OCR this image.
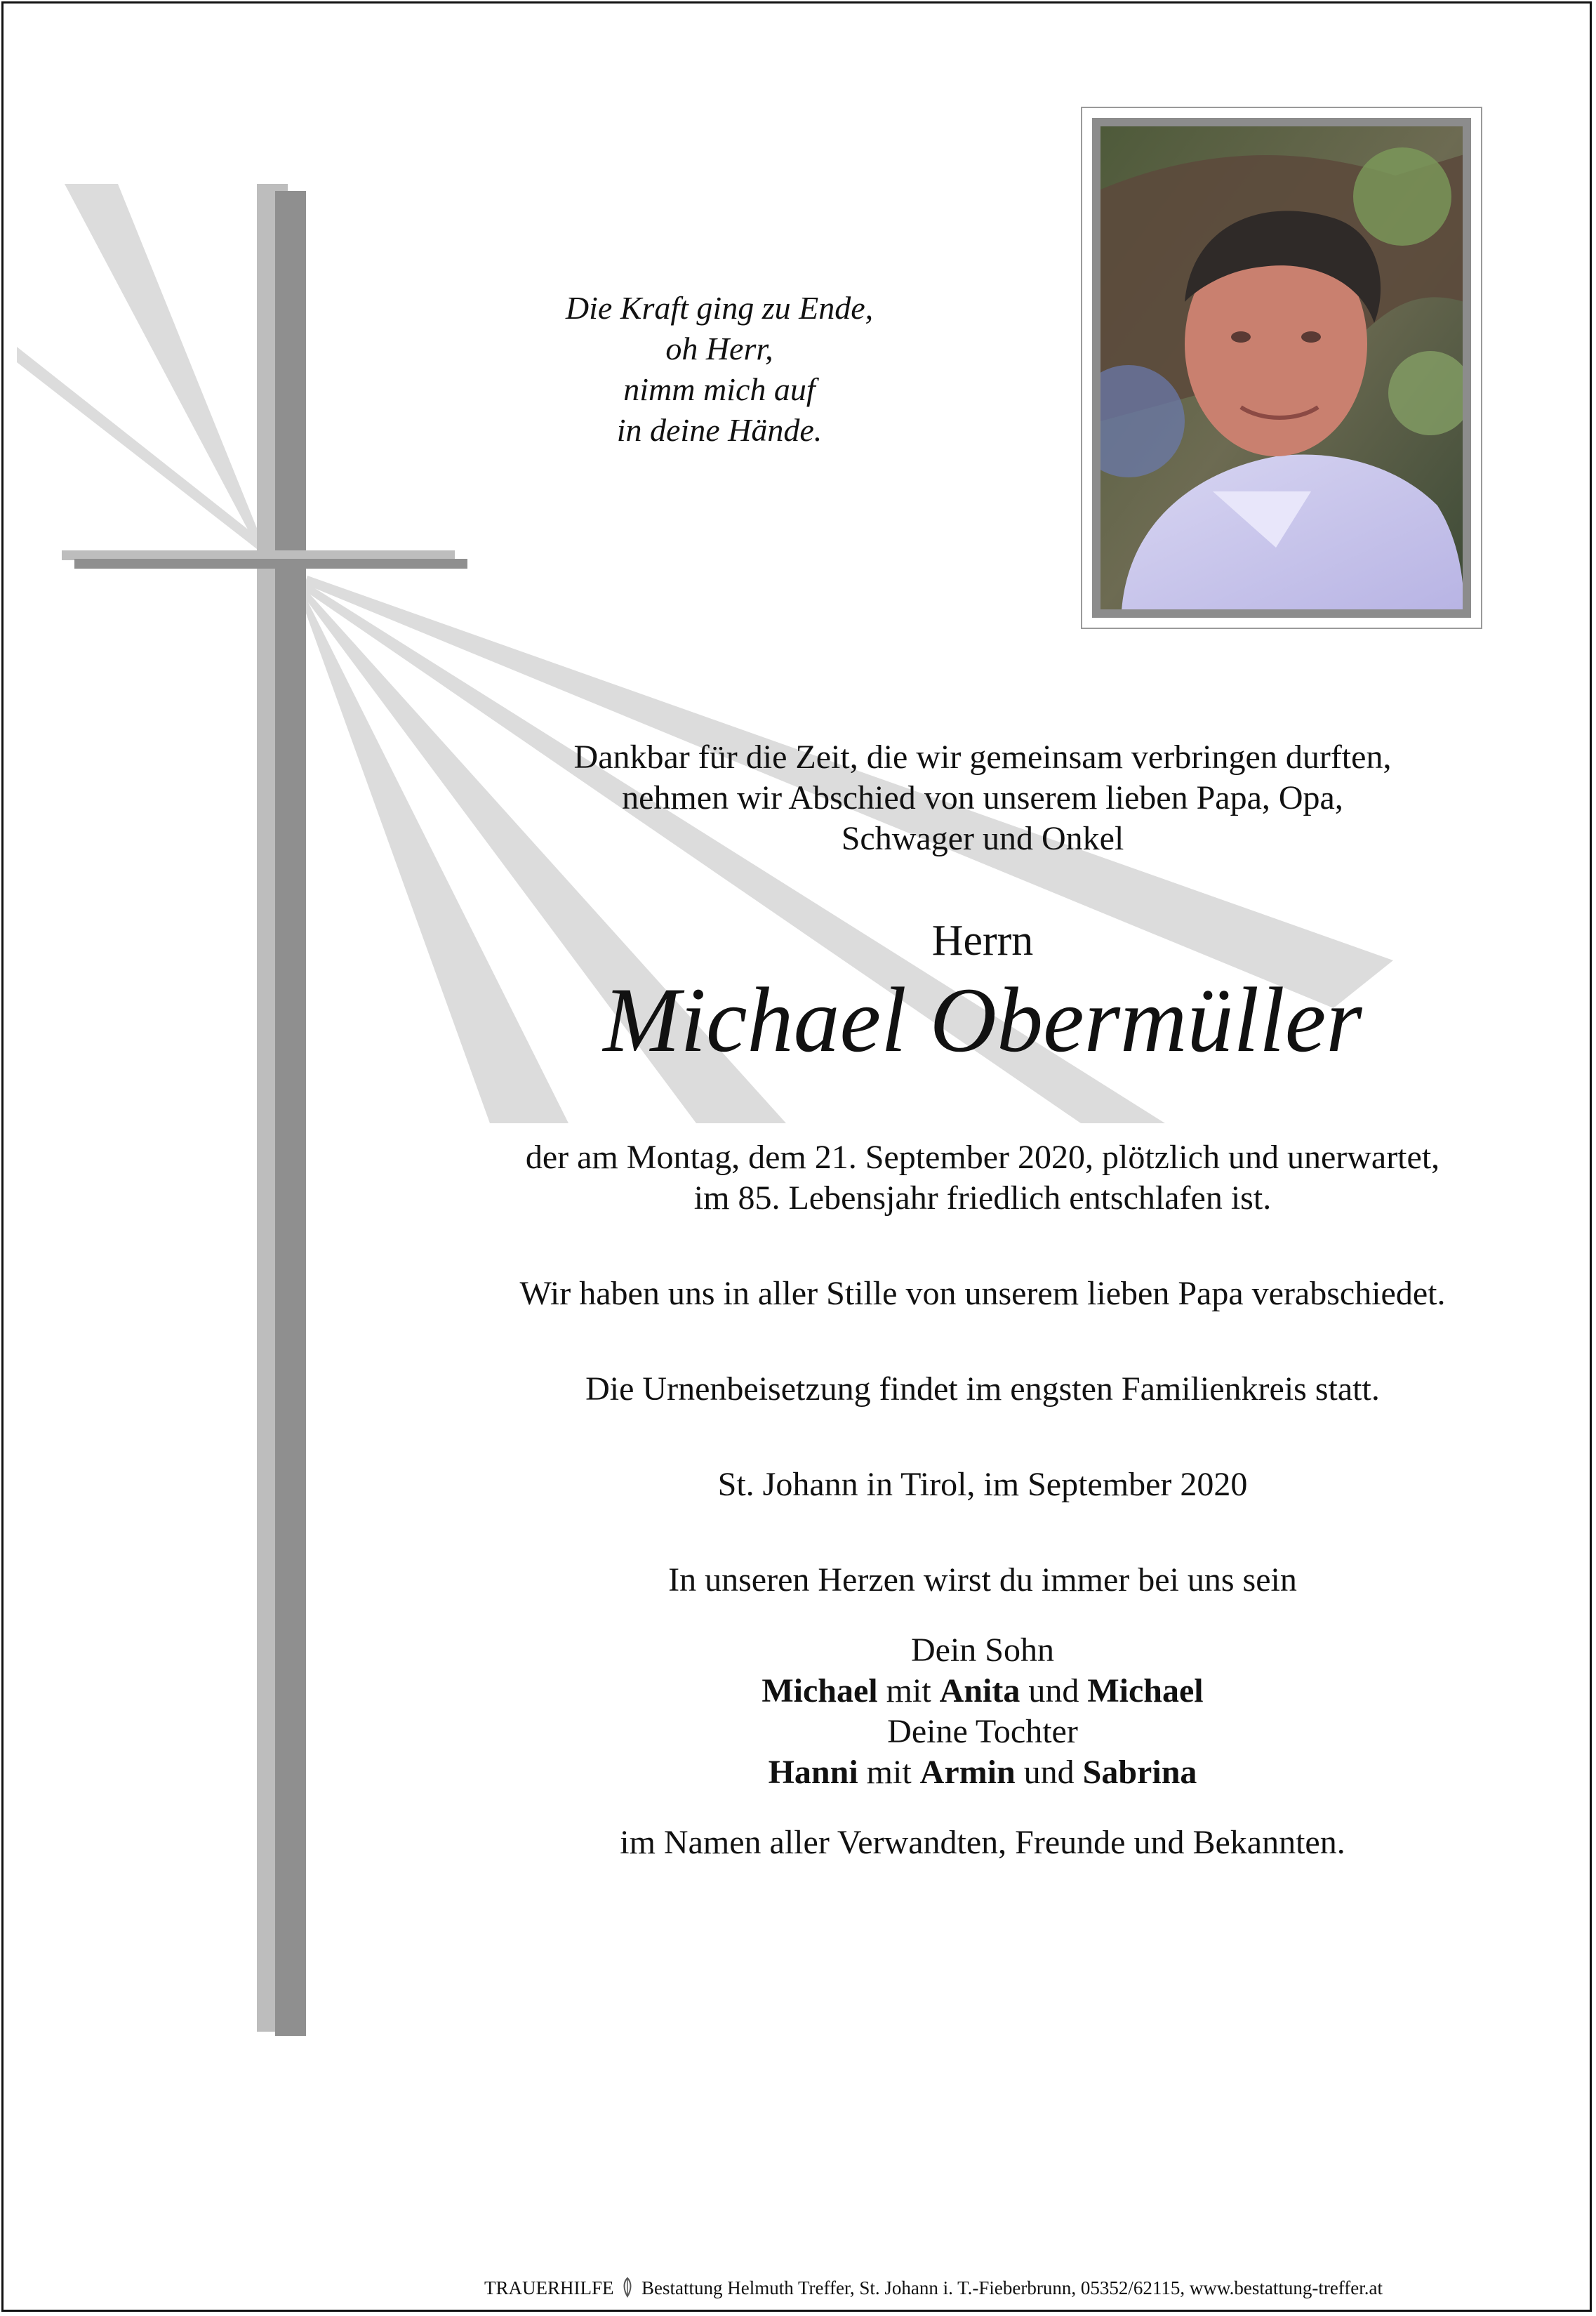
Die Kraft ging zu Ende,
oh Herr,
nimm mich auf
in deine Hände.
Dankbar für die Zeit, die wir gemeinsam verbringen durften,
nehmen wir Abschied von unserem lieben Papa, Opa,
Schwager und Onkel
Herrn
Michael Obermüller
der am Montag, dem 21. September 2020, plötzlich und unerwartet,
im 85. Lebensjahr friedlich entschlafen ist.
Wir haben uns in aller Stille von unserem lieben Papa verabschiedet.
Die Urnenbeisetzung findet im engsten Familienkreis statt.
St. Johann in Tirol, im September 2020
In unseren Herzen wirst du immer bei uns sein
Dein Sohn
Michael mit Anita und Michael
Deine Tochter
Hanni mit Armin und Sabrina
im Namen aller Verwandten, Freunde und Bekannten.
TRAUERHILFE Bestattung Helmuth Treffer, St. Johann i. T.-Fieberbrunn, 05352/62115, www.bestattung-treffer.at
